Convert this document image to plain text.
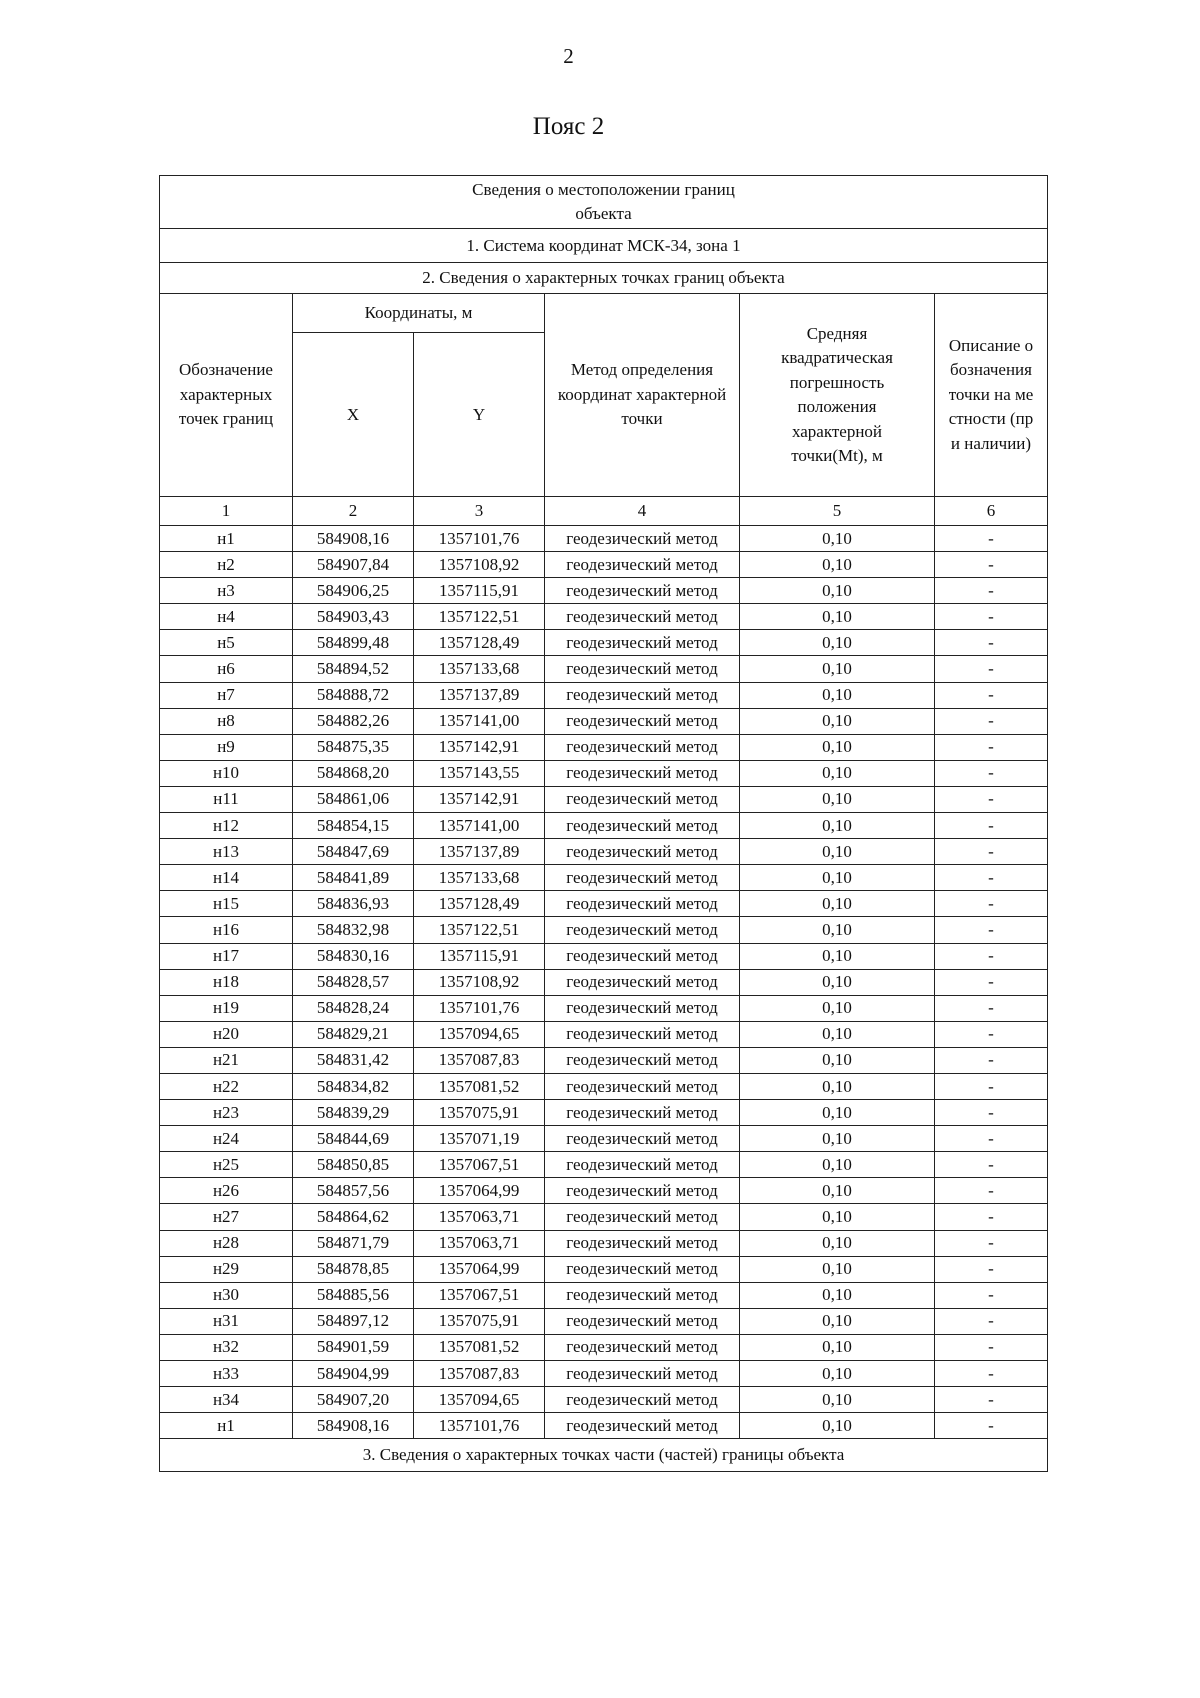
2
Пояс 2
Сведения о местоположении границ объекта					

1. Система координат МСК-34, зона 1					
2. Сведения о характерных точках границ объекта					

Обозначение характерных точек границ	Координаты, м		Метод определения координат характерной точки	Средняя квадратическая погрешность положения характерной точки(Mt), м	Описание обозначения точки на местности (при наличии)

	X	Y			
1	2	3	4	5	6
н1	584908,16	1357101,76	геодезический метод	0,10	-
н2	584907,84	1357108,92	геодезический метод	0,10	-
н3	584906,25	1357115,91	геодезический метод	0,10	-
н4	584903,43	1357122,51	геодезический метод	0,10	-
н5	584899,48	1357128,49	геодезический метод	0,10	-
н6	584894,52	1357133,68	геодезический метод	0,10	-
н7	584888,72	1357137,89	геодезический метод	0,10	-
н8	584882,26	1357141,00	геодезический метод	0,10	-
н9	584875,35	1357142,91	геодезический метод	0,10	-
н10	584868,20	1357143,55	геодезический метод	0,10	-
н11	584861,06	1357142,91	геодезический метод	0,10	-
н12	584854,15	1357141,00	геодезический метод	0,10	-
н13	584847,69	1357137,89	геодезический метод	0,10	-
н14	584841,89	1357133,68	геодезический метод	0,10	-
н15	584836,93	1357128,49	геодезический метод	0,10	-
н16	584832,98	1357122,51	геодезический метод	0,10	-
н17	584830,16	1357115,91	геодезический метод	0,10	-
н18	584828,57	1357108,92	геодезический метод	0,10	-
н19	584828,24	1357101,76	геодезический метод	0,10	-
н20	584829,21	1357094,65	геодезический метод	0,10	-
н21	584831,42	1357087,83	геодезический метод	0,10	-
н22	584834,82	1357081,52	геодезический метод	0,10	-
н23	584839,29	1357075,91	геодезический метод	0,10	-
н24	584844,69	1357071,19	геодезический метод	0,10	-
н25	584850,85	1357067,51	геодезический метод	0,10	-
н26	584857,56	1357064,99	геодезический метод	0,10	-
н27	584864,62	1357063,71	геодезический метод	0,10	-
н28	584871,79	1357063,71	геодезический метод	0,10	-
н29	584878,85	1357064,99	геодезический метод	0,10	-
н30	584885,56	1357067,51	геодезический метод	0,10	-
н31	584897,12	1357075,91	геодезический метод	0,10	-
н32	584901,59	1357081,52	геодезический метод	0,10	-
н33	584904,99	1357087,83	геодезический метод	0,10	-
н34	584907,20	1357094,65	геодезический метод	0,10	-
н1	584908,16	1357101,76	геодезический метод	0,10	-
3. Сведения о характерных точках части (частей) границы объекта					
